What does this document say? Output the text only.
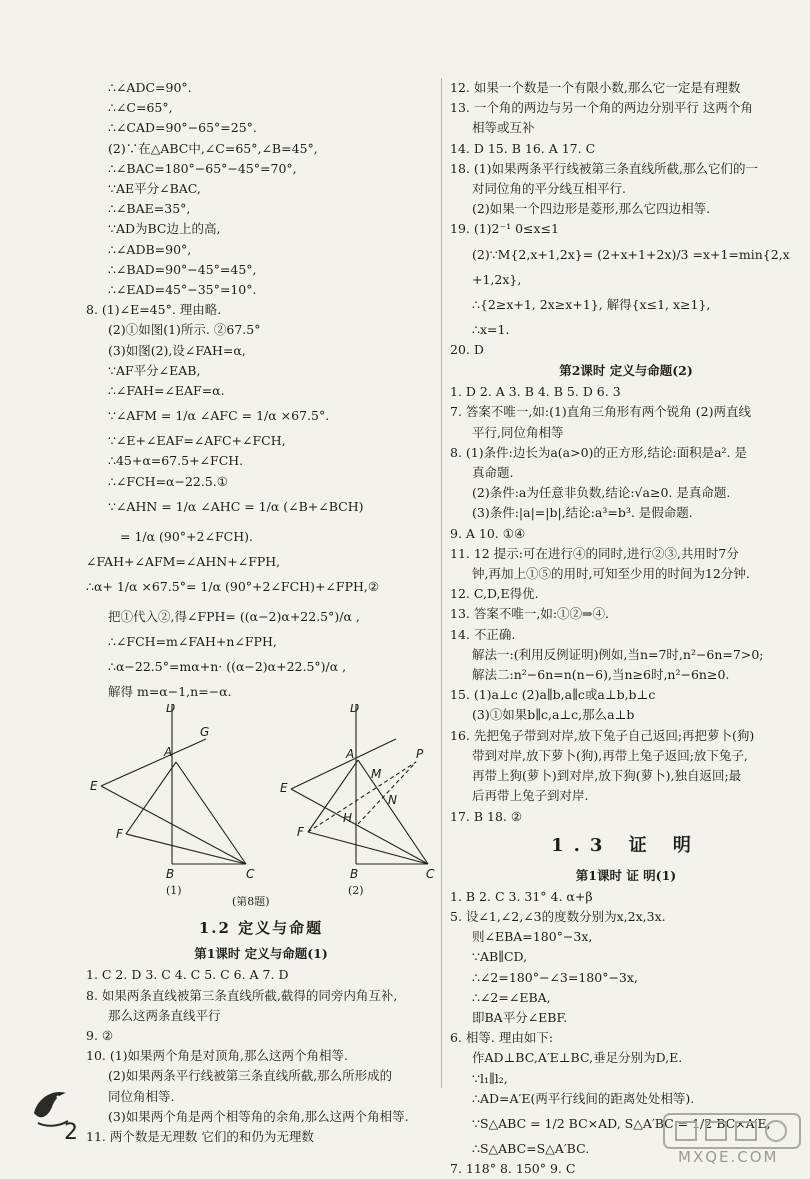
∴∠ADC=90°.
∴∠C=65°,
∴∠CAD=90°−65°=25°.
(2)∵在△ABC中,∠C=65°,∠B=45°,
∴∠BAC=180°−65°−45°=70°,
∵AE平分∠BAC,
∴∠BAE=35°,
∵AD为BC边上的高,
∴∠ADB=90°,
∴∠BAD=90°−45°=45°,
∴∠EAD=45°−35°=10°.
8. (1)∠E=45°. 理由略.
(2)①如图(1)所示. ②67.5°
(3)如图(2),设∠FAH=α,
∵AF平分∠EAB,
∴∠FAH=∠EAF=α.
∵∠AFM = 1/α ∠AFC = 1/α ×67.5°.
∵∠E+∠EAF=∠AFC+∠FCH,
∴45+α=67.5+∠FCH.
∴∠FCH=α−22.5.①
∵∠AHN = 1/α ∠AHC = 1/α (∠B+∠BCH)
= 1/α (90°+2∠FCH).
∠FAH+∠AFM=∠AHN+∠FPH,
∴α+ 1/α ×67.5°= 1/α (90°+2∠FCH)+∠FPH,②
把①代入②,得∠FPH= ((α−2)α+22.5°)/α ,
∴∠FCH=m∠FAH+n∠FPH,
∴α−22.5°=mα+n· ((α−2)α+22.5°)/α ,
解得 m=α−1,n=−α.
D
G
A
E
F
B	C
(1)
D
P
A
M
N
E
H
F
B	C
(2)
(第8题)
1.2 定义与命题
第1课时 定义与命题(1)
1. C 2. D 3. C 4. C 5. C 6. A 7. D
8. 如果两条直线被第三条直线所截,截得的同旁内角互补,
那么这两条直线平行
9. ②
10. (1)如果两个角是对顶角,那么这两个角相等.
(2)如果两条平行线被第三条直线所截,那么所形成的
同位角相等.
(3)如果两个角是两个相等角的余角,那么这两个角相等.
11. 两个数是无理数 它们的和仍为无理数
12. 如果一个数是一个有限小数,那么它一定是有理数
13. 一个角的两边与另一个角的两边分别平行 这两个角
相等或互补
14. D 15. B 16. A 17. C
18. (1)如果两条平行线被第三条直线所截,那么它们的一
对同位角的平分线互相平行.
(2)如果一个四边形是菱形,那么它四边相等.
19. (1)2⁻¹ 0≤x≤1
(2)∵M{2,x+1,2x}= (2+x+1+2x)/3 =x+1=min{2,x
+1,2x},
∴{2≥x+1, 2x≥x+1}, 解得{x≤1, x≥1},
∴x=1.
20. D
第2课时 定义与命题(2)
1. D 2. A 3. B 4. B 5. D 6. 3
7. 答案不唯一,如:(1)直角三角形有两个锐角 (2)两直线
平行,同位角相等
8. (1)条件:边长为a(a>0)的正方形,结论:面积是a². 是
真命题.
(2)条件:a为任意非负数,结论:√a≥0. 是真命题.
(3)条件:|a|=|b|,结论:a³=b³. 是假命题.
9. A 10. ①④
11. 12 提示:可在进行④的同时,进行②③,共用时7分
钟,再加上①⑤的用时,可知至少用的时间为12分钟.
12. C,D,E得优.
13. 答案不唯一,如:①②⇒④.
14. 不正确.
解法一:(利用反例证明)例如,当n=7时,n²−6n=7>0;
解法二:n²−6n=n(n−6),当n≥6时,n²−6n≥0.
15. (1)a⊥c (2)a∥b,a∥c或a⊥b,b⊥c
(3)①如果b∥c,a⊥c,那么a⊥b
16. 先把兔子带到对岸,放下兔子自己返回;再把萝卜(狗)
带到对岸,放下萝卜(狗),再带上兔子返回;放下兔子,
再带上狗(萝卜)到对岸,放下狗(萝卜),独自返回;最
后再带上兔子到对岸.
17. B 18. ②
1.3 证 明
第1课时 证 明(1)
1. B 2. C 3. 31° 4. α+β
5. 设∠1,∠2,∠3的度数分别为x,2x,3x.
则∠EBA=180°−3x,
∵AB∥CD,
∴∠2=180°−∠3=180°−3x,
∴∠2=∠EBA,
即BA平分∠EBF.
6. 相等. 理由如下:
作AD⊥BC,A′E⊥BC,垂足分别为D,E.
∵l₁∥l₂,
∴AD=A′E(两平行线间的距离处处相等).
∵S△ABC = 1/2 BC×AD, S△A′BC = 1/2 BC×A′E,
∴S△ABC=S△A′BC.
7. 118° 8. 150° 9. C
2
MXQE.COM
